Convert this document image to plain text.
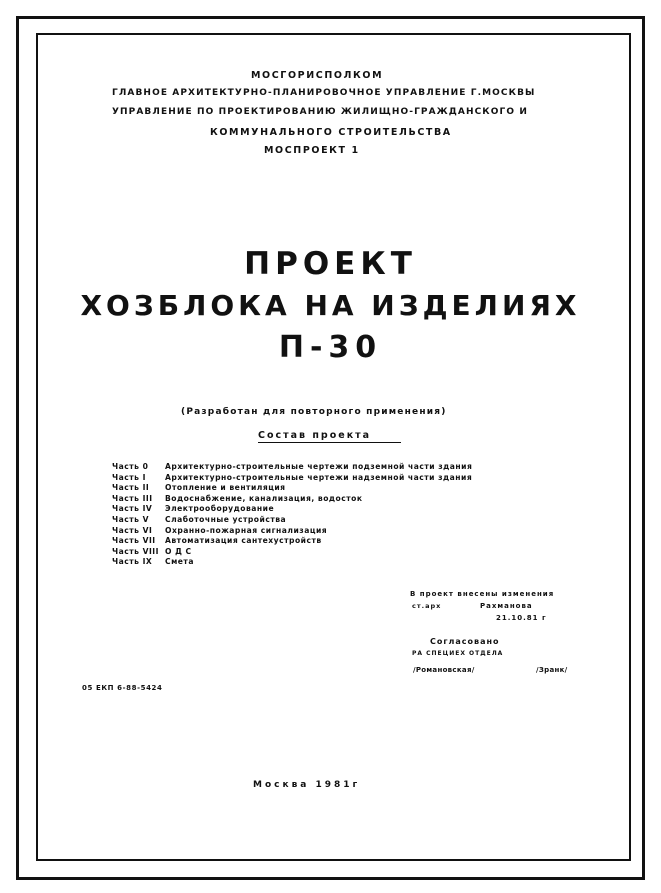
МОСГОРИСПОЛКОМ
ГЛАВНОЕ АРХИТЕКТУРНО-ПЛАНИРОВОЧНОЕ УПРАВЛЕНИЕ Г.МОСКВЫ
УПРАВЛЕНИЕ ПО ПРОЕКТИРОВАНИЮ ЖИЛИЩНО-ГРАЖДАНСКОГО И
КОММУНАЛЬНОГО СТРОИТЕЛЬСТВА
МОСПРОЕКТ 1
ПРОЕКТ
ХОЗБЛОКА НА ИЗДЕЛИЯХ
П-30
(Разработан для повторного применения)
Состав проекта
Часть 0	Архитектурно-строительные чертежи подземной части здания
Часть I	Архитектурно-строительные чертежи надземной части здания
Часть II	Отопление и вентиляция
Часть III	Водоснабжение, канализация, водосток
Часть IV	Электрооборудование
Часть V	Слаботочные устройства
Часть VI	Охранно-пожарная сигнализация
Часть VII	Автоматизация сантехустройств
Часть VIII О Д С
Часть IX	Смета
В проект внесены изменения
ст.арх	Рахманова
21.10.81 г
Согласовано
РА СПЕЦИЕХ ОТДЕЛА
/Романовская/	/Зранк/
05 ЕКП 6-88-5424
Москва 1981г
